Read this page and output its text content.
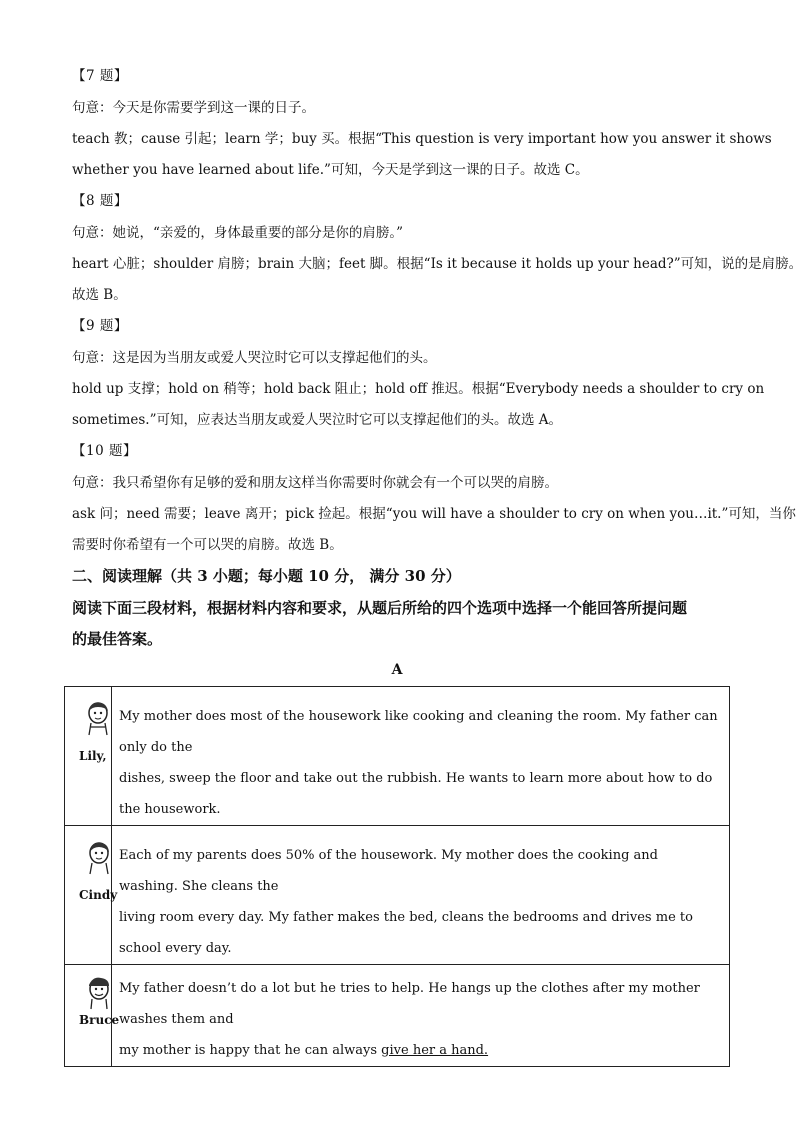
【7 题】
句意：今天是你需要学到这一课的日子。
teach 教；cause 引起；learn 学；buy 买。根据“This question is very important how you answer it shows
whether you have learned about life.”可知，今天是学到这一课的日子。故选 C。
【8 题】
句意：她说，“亲爱的，身体最重要的部分是你的肩膀。”
heart 心脏；shoulder 肩膀；brain 大脑；feet 脚。根据“Is it because it holds up your head?”可知，说的是肩膀。
故选 B。
【9 题】
句意：这是因为当朋友或爱人哭泣时它可以支撑起他们的头。
hold up 支撑；hold on 稍等；hold back 阻止；hold off 推迟。根据“Everybody needs a shoulder to cry on
sometimes.”可知，应表达当朋友或爱人哭泣时它可以支撑起他们的头。故选 A。
【10 题】
句意：我只希望你有足够的爱和朋友这样当你需要时你就会有一个可以哭的肩膀。
ask 问；need 需要；leave 离开；pick 捡起。根据“you will have a shoulder to cry on when you…it.”可知，当你
需要时你希望有一个可以哭的肩膀。故选 B。
二、阅读理解（共 3 小题；每小题 10 分， 满分 30 分）
阅读下面三段材料，根据材料内容和要求，从题后所给的四个选项中选择一个能回答所提问题
的最佳答案。
A
Lily,	My mother does most of the housework like cooking and cleaning the room. My father can only do the
dishes, sweep the floor and take out the rubbish. He wants to learn more about how to do the housework.

Cindy	Each of my parents does 50% of the housework. My mother does the cooking and washing. She cleans the
living room every day. My father makes the bed, cleans the bedrooms and drives me to school every day.

Bruce	My father doesn’t do a lot but he tries to help. He hangs up the clothes after my mother washes them and
my mother is happy that he can always give her a hand.
